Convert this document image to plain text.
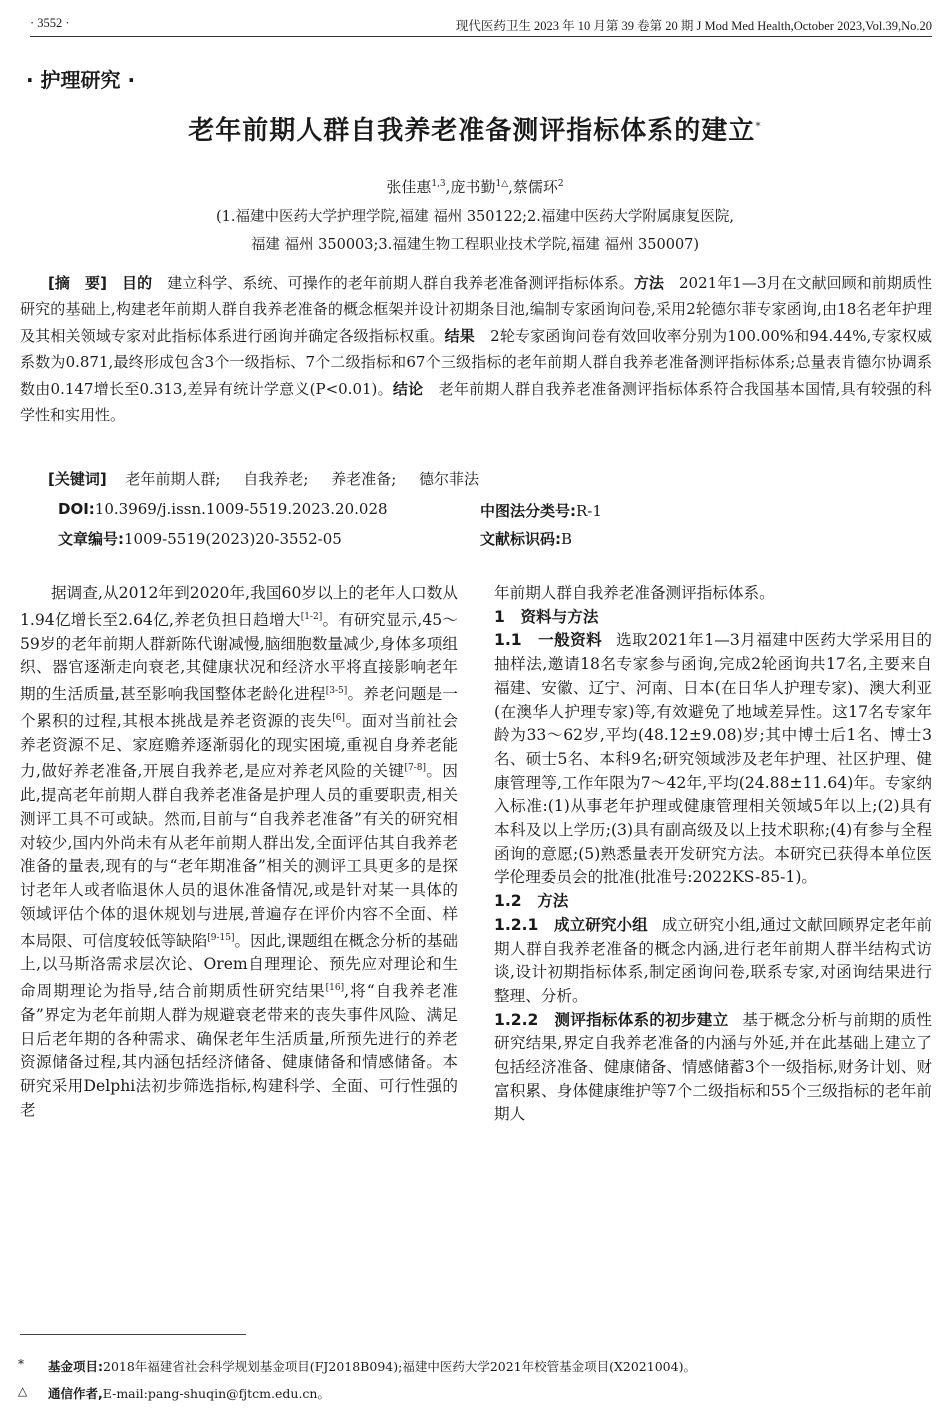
· 3552 ·	现代医药卫生 2023 年 10 月第 39 卷第 20 期 J Mod Med Health,October 2023,Vol.39,No.20
· 护理研究 ·
老年前期人群自我养老准备测评指标体系的建立*
张佳惠$^{1,3}$,庞书勤$^{1\triangle}$,蔡儒环$^2$
(1.福建中医药大学护理学院,福建 福州 350122;2.福建中医药大学附属康复医院,
福建 福州 350003;3.福建生物工程职业技术学院,福建 福州 350007)
[摘　要]　 目的　 建立科学、系统、可操作的老年前期人群自我养老准备测评指标体系。方法　 2021年1—3月在文献回顾和前期质性研究的基础上,构建老年前期人群自我养老准备的概念框架并设计初期条目池,编制专家函询问卷,采用2轮德尔菲专家函询,由18名老年护理及其相关领域专家对此指标体系进行函询并确定各级指标权重。结果　 2轮专家函询问卷有效回收率分别为100.00%和94.44%,专家权威系数为0.871,最终形成包含3个一级指标、7个二级指标和67个三级指标的老年前期人群自我养老准备测评指标体系;总量表肯德尔协调系数由0.147增长至0.313,差异有统计学意义(P<0.01)。结论　 老年前期人群自我养老准备测评指标体系符合我国基本国情,具有较强的科学性和实用性。
[关键词] 老年前期人群; 自我养老; 养老准备; 德尔菲法
DOI:10.3969/j.issn.1009-5519.2023.20.028	中图法分类号:R-1
文章编号:1009-5519(2023)20-3552-05	文献标识码:B

据调查,从2012年到2020年,我国60岁以上的老年人口数从1.94亿增长至2.64亿,养老负担日趋增大[1-2]。有研究显示,45～59岁的老年前期人群新陈代谢减慢,脑细胞数量减少,身体多项组织、器官逐渐走向衰老,其健康状况和经济水平将直接影响老年期的生活质量,甚至影响我国整体老龄化进程[3-5]。养老问题是一个累积的过程,其根本挑战是养老资源的丧失[6]。面对当前社会养老资源不足、家庭赡养逐渐弱化的现实困境,重视自身养老能力,做好养老准备,开展自我养老,是应对养老风险的关键[7-8]。因此,提高老年前期人群自我养老准备是护理人员的重要职责,相关测评工具不可或缺。然而,目前与“自我养老准备”有关的研究相对较少,国内外尚未有从老年前期人群出发,全面评估其自我养老准备的量表,现有的与“老年期准备”相关的测评工具更多的是探讨老年人或者临退休人员的退休准备情况,或是针对某一具体的领域评估个体的退休规划与进展,普遍存在评价内容不全面、样本局限、可信度较低等缺陷[9-15]。因此,课题组在概念分析的基础上,以马斯洛需求层次论、Orem自理理论、预先应对理论和生命周期理论为指导,结合前期质性研究结果[16],将“自我养老准备”界定为老年前期人群为规避衰老带来的丧失事件风险、满足日后老年期的各种需求、确保老年生活质量,所预先进行的养老资源储备过程,其内涵包括经济储备、健康储备和情感储备。本研究采用Delphi法初步筛选指标,构建科学、全面、可行性强的老

年前期人群自我养老准备测评指标体系。

1　资料与方法

1.1　一般资料 选取2021年1—3月福建中医药大学采用目的抽样法,邀请18名专家参与函询,完成2轮函询共17名,主要来自福建、安徽、辽宁、河南、日本(在日华人护理专家)、澳大利亚(在澳华人护理专家)等,有效避免了地域差异性。这17名专家年龄为33～62岁,平均(48.12±9.08)岁;其中博士后1名、博士3名、硕士5名、本科9名;研究领域涉及老年护理、社区护理、健康管理等,工作年限为7～42年,平均(24.88±11.64)年。专家纳入标准:(1)从事老年护理或健康管理相关领域5年以上;(2)具有本科及以上学历;(3)具有副高级及以上技术职称;(4)有参与全程函询的意愿;(5)熟悉量表开发研究方法。本研究已获得本单位医学伦理委员会的批准(批准号:2022KS-85-1)。

1.2　方法

1.2.1　成立研究小组 成立研究小组,通过文献回顾界定老年前期人群自我养老准备的概念内涵,进行老年前期人群半结构式访谈,设计初期指标体系,制定函询问卷,联系专家,对函询结果进行整理、分析。

1.2.2　测评指标体系的初步建立 基于概念分析与前期的质性研究结果,界定自我养老准备的内涵与外延,并在此基础上建立了包括经济准备、健康储备、情感储蓄3个一级指标,财务计划、财富积累、身体健康维护等7个二级指标和55个三级指标的老年前期人

* 基金项目:2018年福建省社会科学规划基金项目(FJ2018B094);福建中医药大学2021年校管基金项目(X2021004)。
△ 通信作者,E-mail:pang-shuqin@fjtcm.edu.cn。
